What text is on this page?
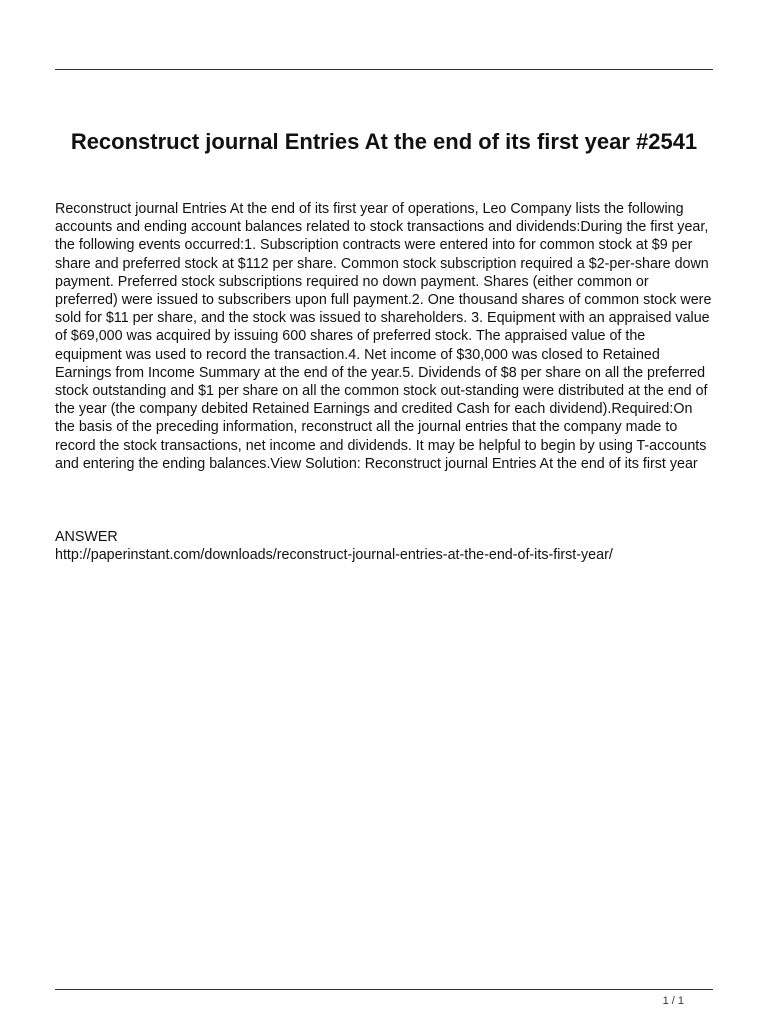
Reconstruct journal Entries At the end of its first year #2541

Reconstruct journal Entries At the end of its first year of operations, Leo Company lists the following accounts and ending account balances related to stock transactions and dividends:During the first year, the following events occurred:1. Subscription contracts were entered into for common stock at $9 per share and preferred stock at $112 per share. Common stock subscription required a $2-per-share down payment. Preferred stock subscriptions required no down payment. Shares (either common or preferred) were issued to subscribers upon full payment.2. One thousand shares of common stock were sold for $11 per share, and the stock was issued to shareholders. 3. Equipment with an appraised value of $69,000 was acquired by issuing 600 shares of preferred stock. The appraised value of the equipment was used to record the transaction.4. Net income of $30,000 was closed to Retained Earnings from Income Summary at the end of the year.5. Dividends of $8 per share on all the preferred stock outstanding and $1 per share on all the common stock out-standing were distributed at the end of the year (the company debited Retained Earnings and credited Cash for each dividend).Required:On the basis of the preceding information, reconstruct all the journal entries that the company made to record the stock transactions, net income and dividends. It may be helpful to begin by using T-accounts and entering the ending balances.View Solution: Reconstruct journal Entries At the end of its first year

ANSWER

http://paperinstant.com/downloads/reconstruct-journal-entries-at-the-end-of-its-first-year/
1 / 1
